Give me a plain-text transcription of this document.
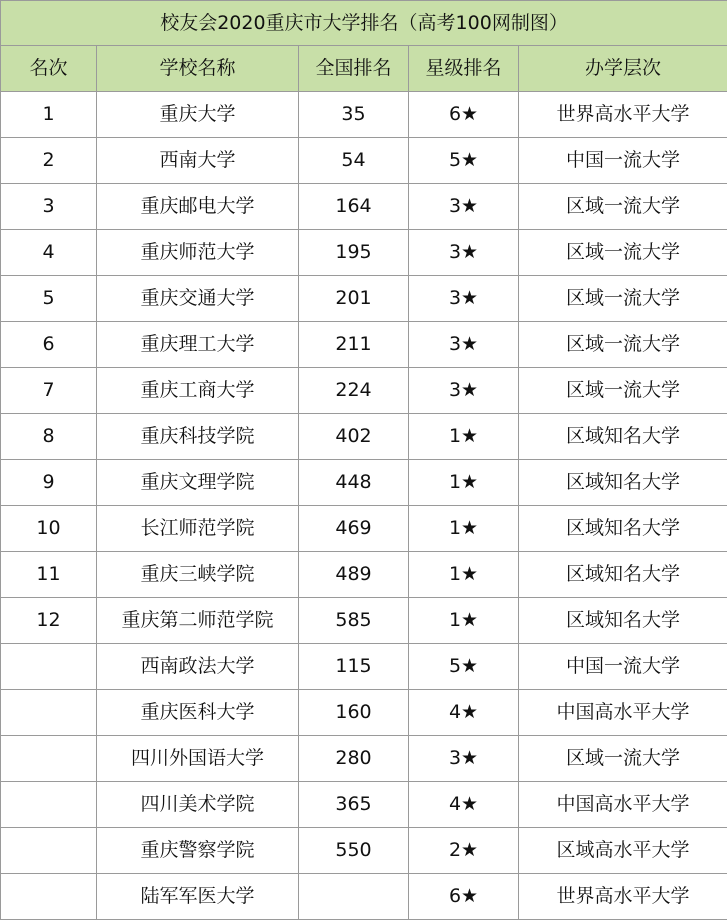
校友会2020重庆市大学排名（高考100网制图）				
名次	学校名称	全国排名	星级排名	办学层次
1	重庆大学	35	6★	世界高水平大学
2	西南大学	54	5★	中国一流大学
3	重庆邮电大学	164	3★	区域一流大学
4	重庆师范大学	195	3★	区域一流大学
5	重庆交通大学	201	3★	区域一流大学
6	重庆理工大学	211	3★	区域一流大学
7	重庆工商大学	224	3★	区域一流大学
8	重庆科技学院	402	1★	区域知名大学
9	重庆文理学院	448	1★	区域知名大学
10	长江师范学院	469	1★	区域知名大学
11	重庆三峡学院	489	1★	区域知名大学
12	重庆第二师范学院	585	1★	区域知名大学
	西南政法大学	115	5★	中国一流大学
	重庆医科大学	160	4★	中国高水平大学
	四川外国语大学	280	3★	区域一流大学
	四川美术学院	365	4★	中国高水平大学
	重庆警察学院	550	2★	区域高水平大学
	陆军军医大学		6★	世界高水平大学
